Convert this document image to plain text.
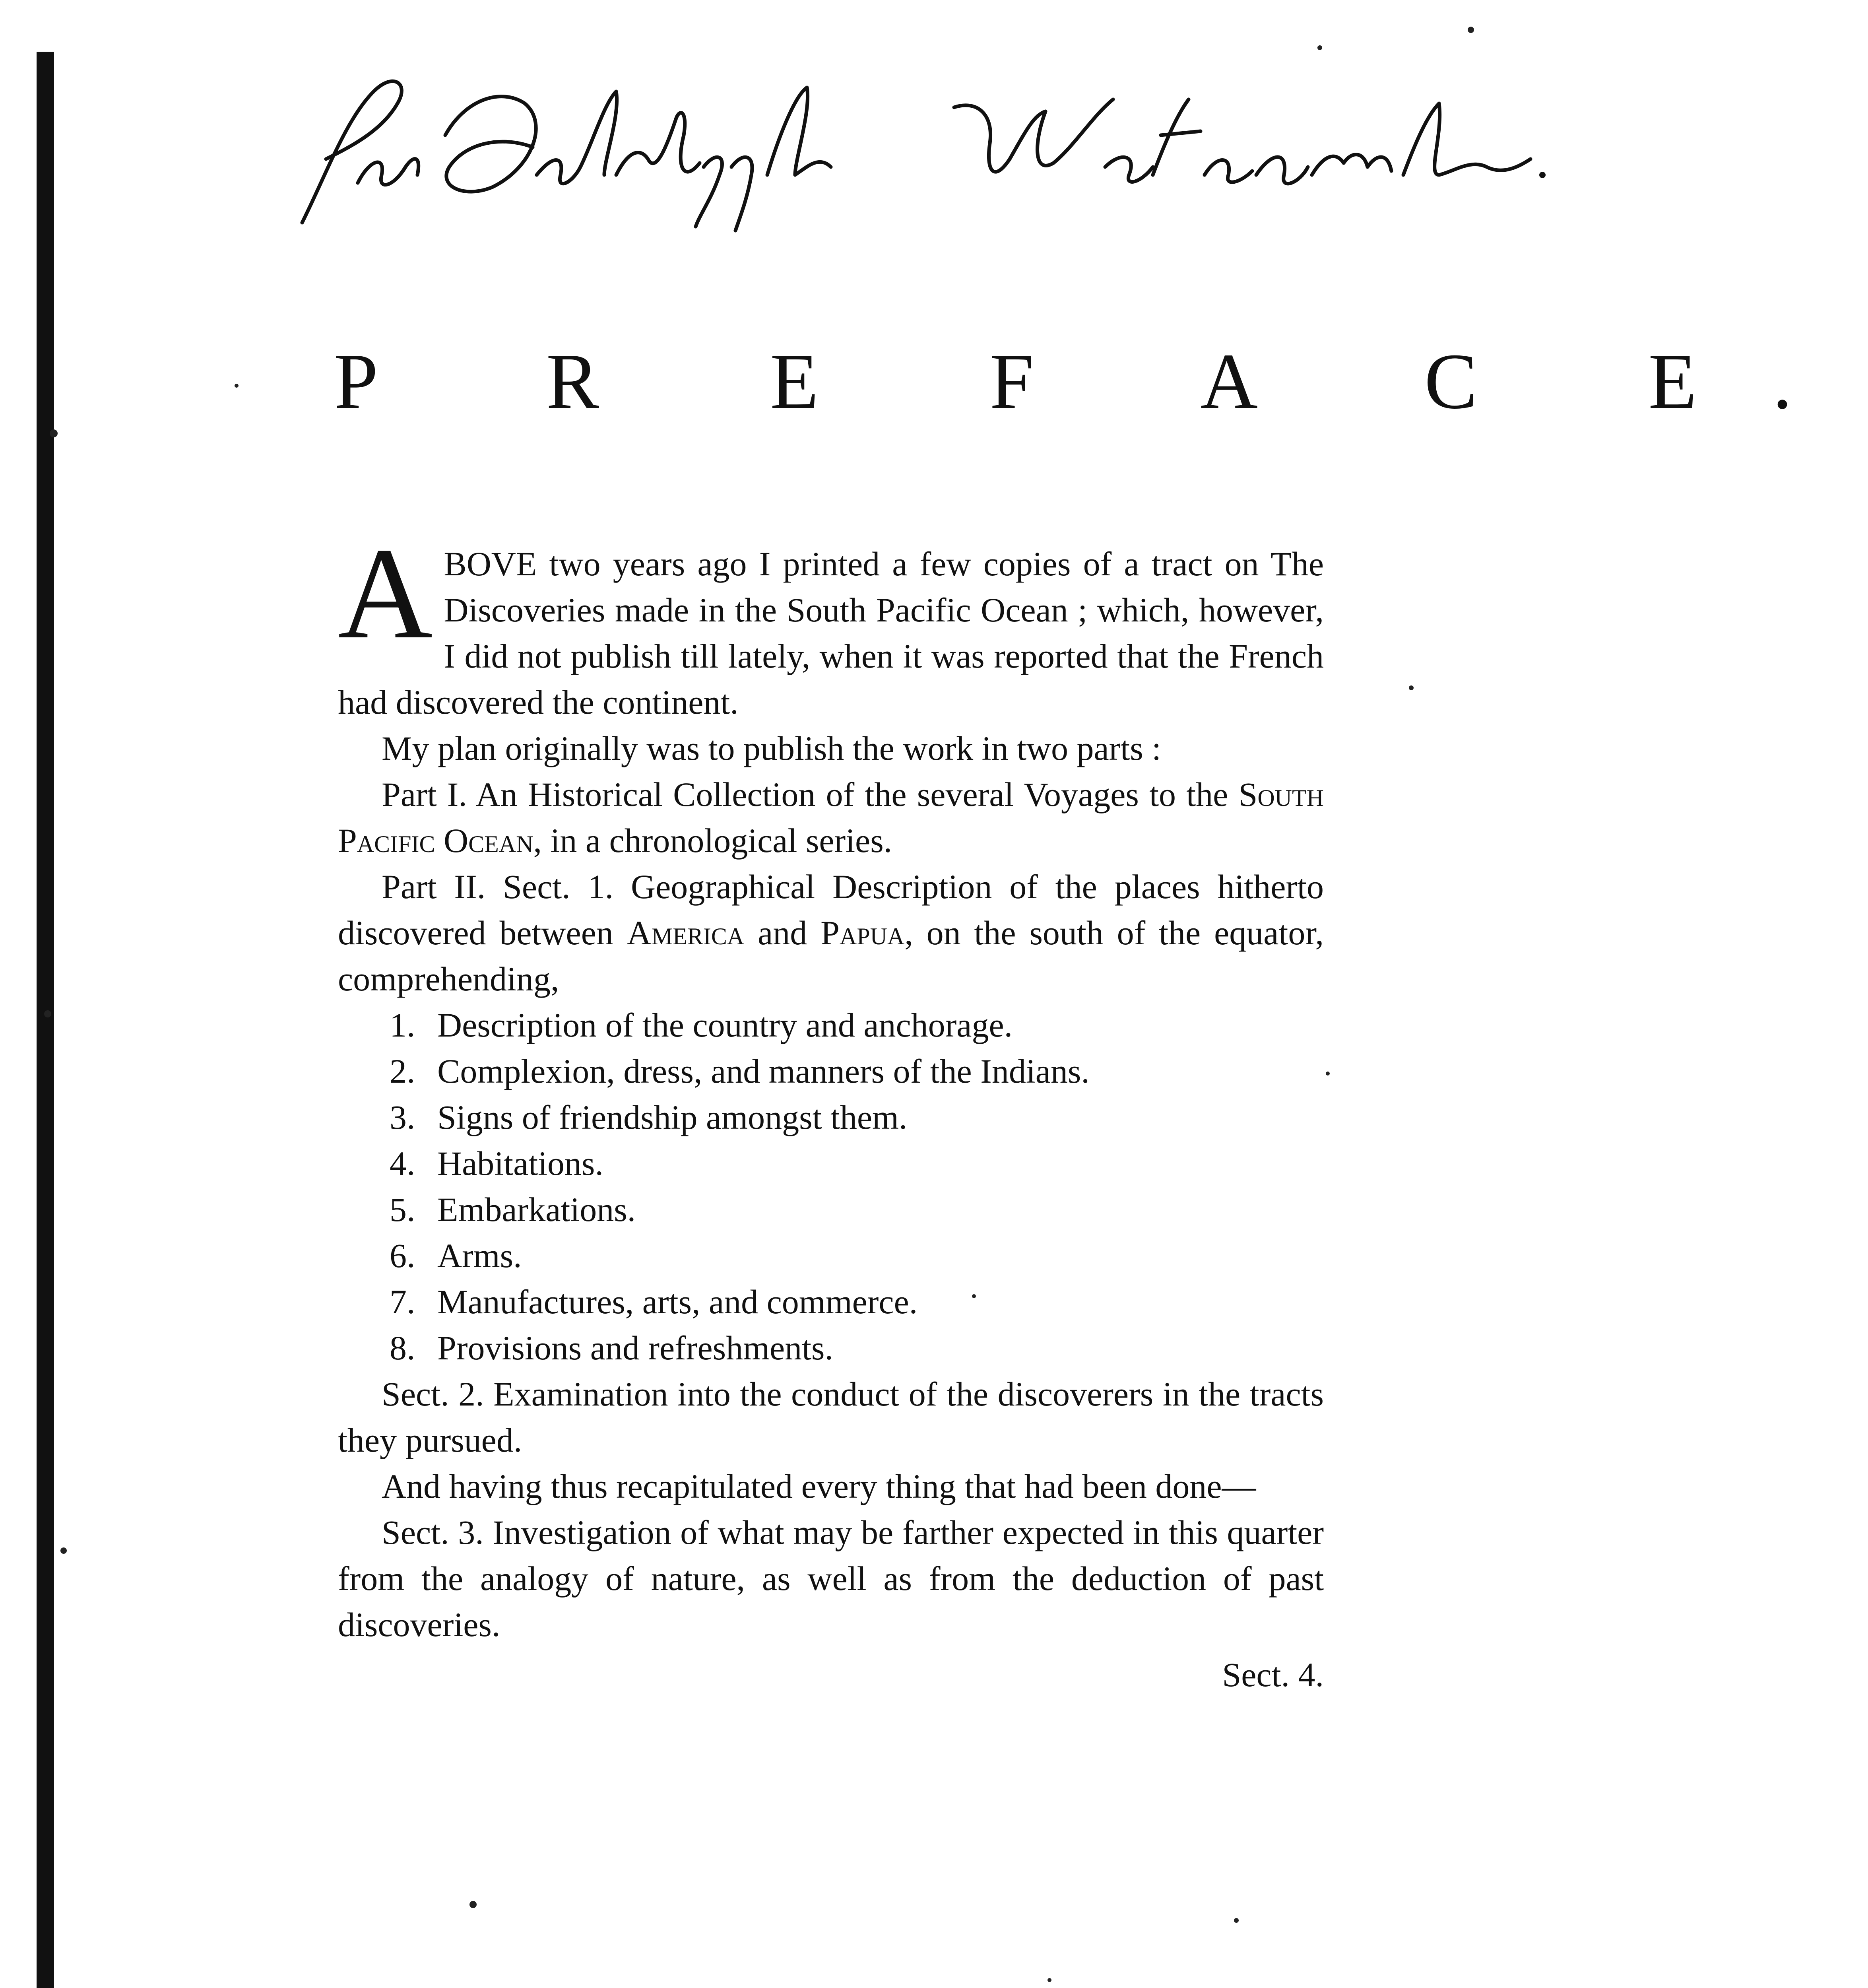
P R E F A C E.

ABOVE two years ago I printed a few copies of a tract on The Discoveries made in the South Pacific Ocean ; which, however, I did not publish till lately, when it was reported that the French had discovered the continent.

My plan originally was to publish the work in two parts :

Part I. An Historical Collection of the several Voyages to the South Pacific Ocean, in a chronological series.

Part II. Sect. 1. Geographical Description of the places hitherto discovered between America and Papua, on the south of the equator, comprehending,

1. Description of the country and anchorage.

2. Complexion, dress, and manners of the Indians.

3. Signs of friendship amongst them.

4. Habitations.

5. Embarkations.

6. Arms.

7. Manufactures, arts, and commerce.

8. Provisions and refreshments.

Sect. 2. Examination into the conduct of the discoverers in the tracts they pursued.

And having thus recapitulated every thing that had been done—

Sect. 3. Investigation of what may be farther expected in this quarter from the analogy of nature, as well as from the deduction of past discoveries.

Sect. 4.
